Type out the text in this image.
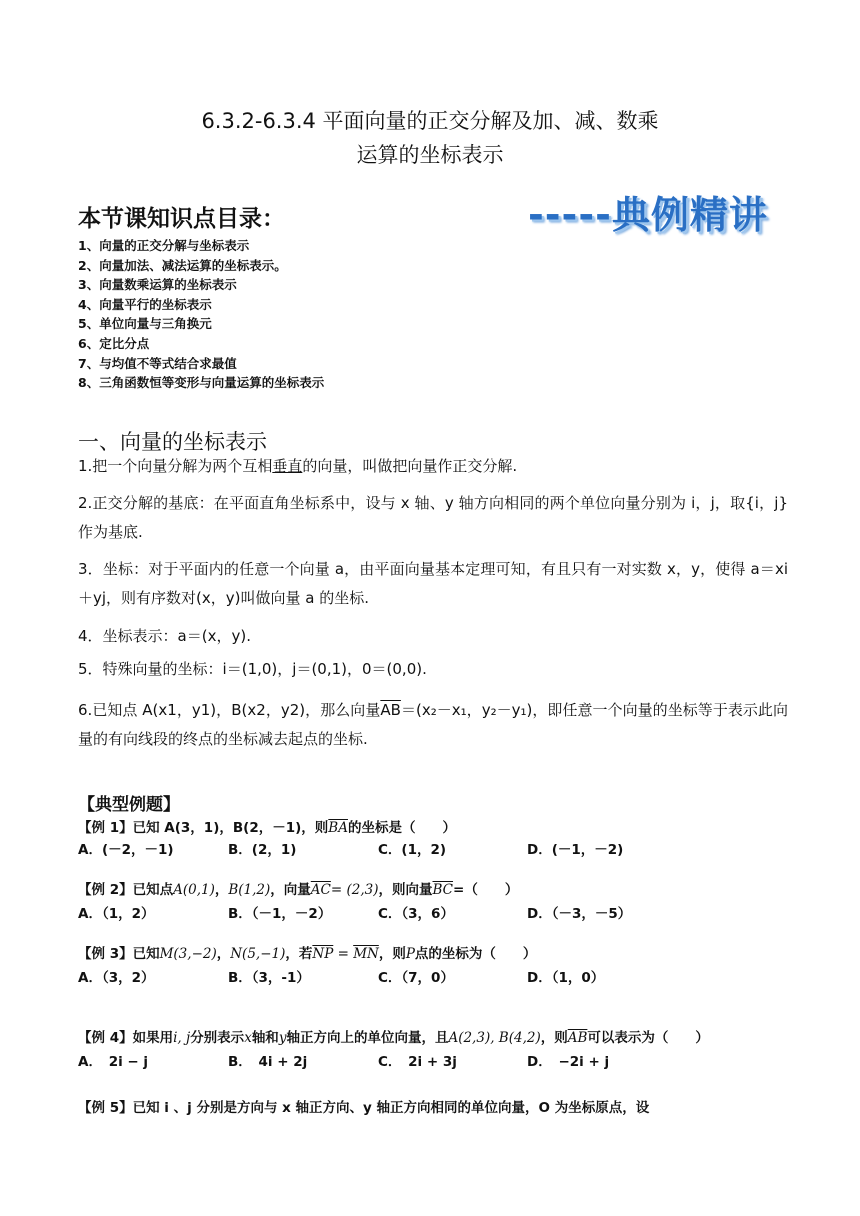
6.3.2-6.3.4 平面向量的正交分解及加、减、数乘
运算的坐标表示
本节课知识点目录：	-----典例精讲
1、向量的正交分解与坐标表示
2、向量加法、减法运算的坐标表示。
3、向量数乘运算的坐标表示
4、向量平行的坐标表示
5、单位向量与三角换元
6、定比分点
7、与均值不等式结合求最值
8、三角函数恒等变形与向量运算的坐标表示
一、向量的坐标表示
1.把一个向量分解为两个互相垂直的向量，叫做把向量作正交分解.
2.正交分解的基底：在平面直角坐标系中，设与 x 轴、y 轴方向相同的两个单位向量分别为 i，j，取{i，j}作为基底.
3．坐标：对于平面内的任意一个向量 a，由平面向量基本定理可知，有且只有一对实数 x，y，使得 a＝xi＋yj，则有序数对(x，y)叫做向量 a 的坐标.
4．坐标表示：a＝(x，y).
5．特殊向量的坐标：i＝(1,0)，j＝(0,1)，0＝(0,0).
6.已知点 A(x1，y1)，B(x2，y2)，那么向量$\overline{AB}=(x_2-x_1$，y₂－y₁)，即任意一个向量的坐标等于表示此向量的有向线段的终点的坐标减去起点的坐标.
【典型例题】
【例 1】已知 A(3，1)，B(2，－1)，则$\overline{BA}$的坐标是（　　）
A．(－2，－1)	B．(2，1)	C．(1，2)	D．(－1，－2)
【例 2】已知点A(0,1)，B(1,2)，向量$\overline{AC}= (2,3)$，则向量$\overline{BC}=$（　　）
A．（1，2）	B．（－1，－2）	C．（3，6）	D．（－3，－5）
【例 3】已知M(3,−2)，N(5,−1)，若$\overline{NP} = \overline{MN}$，则P点的坐标为（　　）
A．（3，2）	B．（3，-1）	C．（7，0）	D．（1，0）
【例 4】如果用i, j分别表示x轴和y轴正方向上的单位向量，且A(2,3), B(4,2)，则$\overline{AB}$可以表示为（　　）
A．　2i − j	B．　4i + 2j	C．　2i + 3j	D．　−2i + j
【例 5】已知 i 、j 分别是方向与 x 轴正方向、y 轴正方向相同的单位向量，O 为坐标原点，设
